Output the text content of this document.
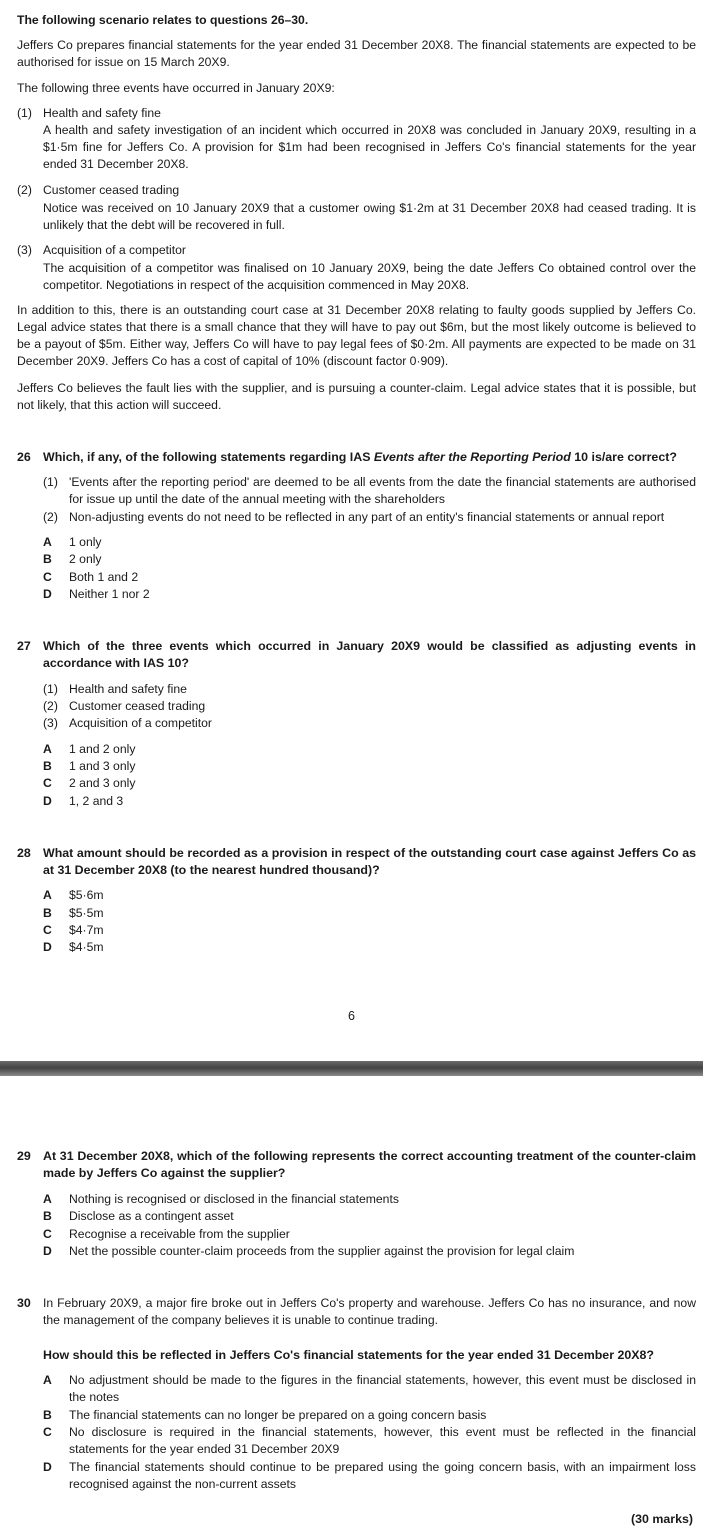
The following scenario relates to questions 26–30.

Jeffers Co prepares financial statements for the year ended 31 December 20X8. The financial statements are expected to be authorised for issue on 15 March 20X9.

The following three events have occurred in January 20X9:

(1) Health and safety fine
A health and safety investigation of an incident which occurred in 20X8 was concluded in January 20X9, resulting in a $1·5m fine for Jeffers Co. A provision for $1m had been recognised in Jeffers Co's financial statements for the year ended 31 December 20X8.
(2) Customer ceased trading
Notice was received on 10 January 20X9 that a customer owing $1·2m at 31 December 20X8 had ceased trading. It is unlikely that the debt will be recovered in full.
(3) Acquisition of a competitor
The acquisition of a competitor was finalised on 10 January 20X9, being the date Jeffers Co obtained control over the competitor. Negotiations in respect of the acquisition commenced in May 20X8.

In addition to this, there is an outstanding court case at 31 December 20X8 relating to faulty goods supplied by Jeffers Co. Legal advice states that there is a small chance that they will have to pay out $6m, but the most likely outcome is believed to be a payout of $5m. Either way, Jeffers Co will have to pay legal fees of $0·2m. All payments are expected to be made on 31 December 20X9. Jeffers Co has a cost of capital of 10% (discount factor 0·909).

Jeffers Co believes the fault lies with the supplier, and is pursuing a counter-claim. Legal advice states that it is possible, but not likely, that this action will succeed.

26 Which, if any, of the following statements regarding IAS Events after the Reporting Period 10 is/are correct?
(1) 'Events after the reporting period' are deemed to be all events from the date the financial statements are authorised for issue up until the date of the annual meeting with the shareholders
(2) Non-adjusting events do not need to be reflected in any part of an entity's financial statements or annual report
A 1 only
B 2 only
C Both 1 and 2
D Neither 1 nor 2
27 Which of the three events which occurred in January 20X9 would be classified as adjusting events in accordance with IAS 10?
(1) Health and safety fine
(2) Customer ceased trading
(3) Acquisition of a competitor
A 1 and 2 only
B 1 and 3 only
C 2 and 3 only
D 1, 2 and 3
28 What amount should be recorded as a provision in respect of the outstanding court case against Jeffers Co as at 31 December 20X8 (to the nearest hundred thousand)?
A $5·6m
B $5·5m
C $4·7m
D $4·5m
6
29 At 31 December 20X8, which of the following represents the correct accounting treatment of the counter-claim made by Jeffers Co against the supplier?
A Nothing is recognised or disclosed in the financial statements
B Disclose as a contingent asset
C Recognise a receivable from the supplier
D Net the possible counter-claim proceeds from the supplier against the provision for legal claim
30 In February 20X9, a major fire broke out in Jeffers Co's property and warehouse. Jeffers Co has no insurance, and now the management of the company believes it is unable to continue trading.
How should this be reflected in Jeffers Co's financial statements for the year ended 31 December 20X8?
A No adjustment should be made to the figures in the financial statements, however, this event must be disclosed in the notes
B The financial statements can no longer be prepared on a going concern basis
C No disclosure is required in the financial statements, however, this event must be reflected in the financial statements for the year ended 31 December 20X9
D The financial statements should continue to be prepared using the going concern basis, with an impairment loss recognised against the non-current assets
(30 marks)
